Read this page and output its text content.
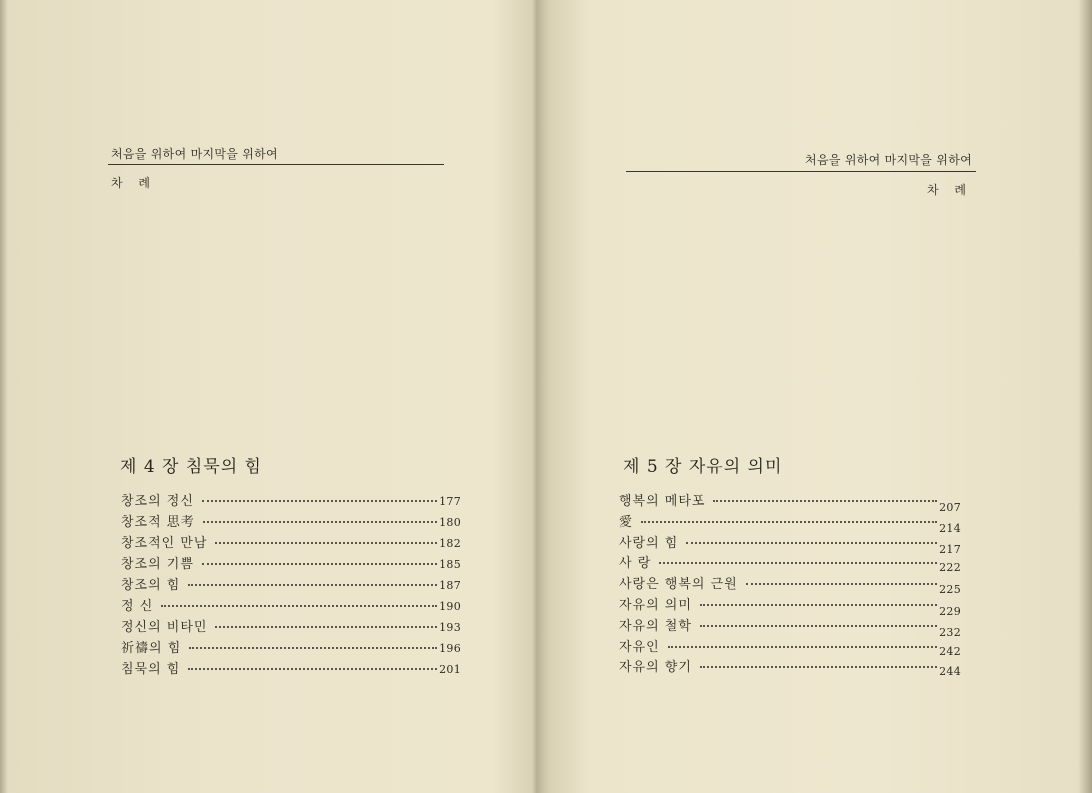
처음을 위하여 마지막을 위하여
차 례
제 4 장 침묵의 힘
창조의 정신	177
창조적 思考	180
창조적인 만남	182
창조의 기쁨	185
창조의 힘	187
정 신	190
정신의 비타민	193
祈禱의 힘	196
침묵의 힘	201
처음을 위하여 마지막을 위하여
차 례
제 5 장 자유의 의미
행복의 메타포	207
愛	214
사랑의 힘	217
사 랑	222
사랑은 행복의 근원	225
자유의 의미	229
자유의 철학	232
자유인	242
자유의 향기	244
